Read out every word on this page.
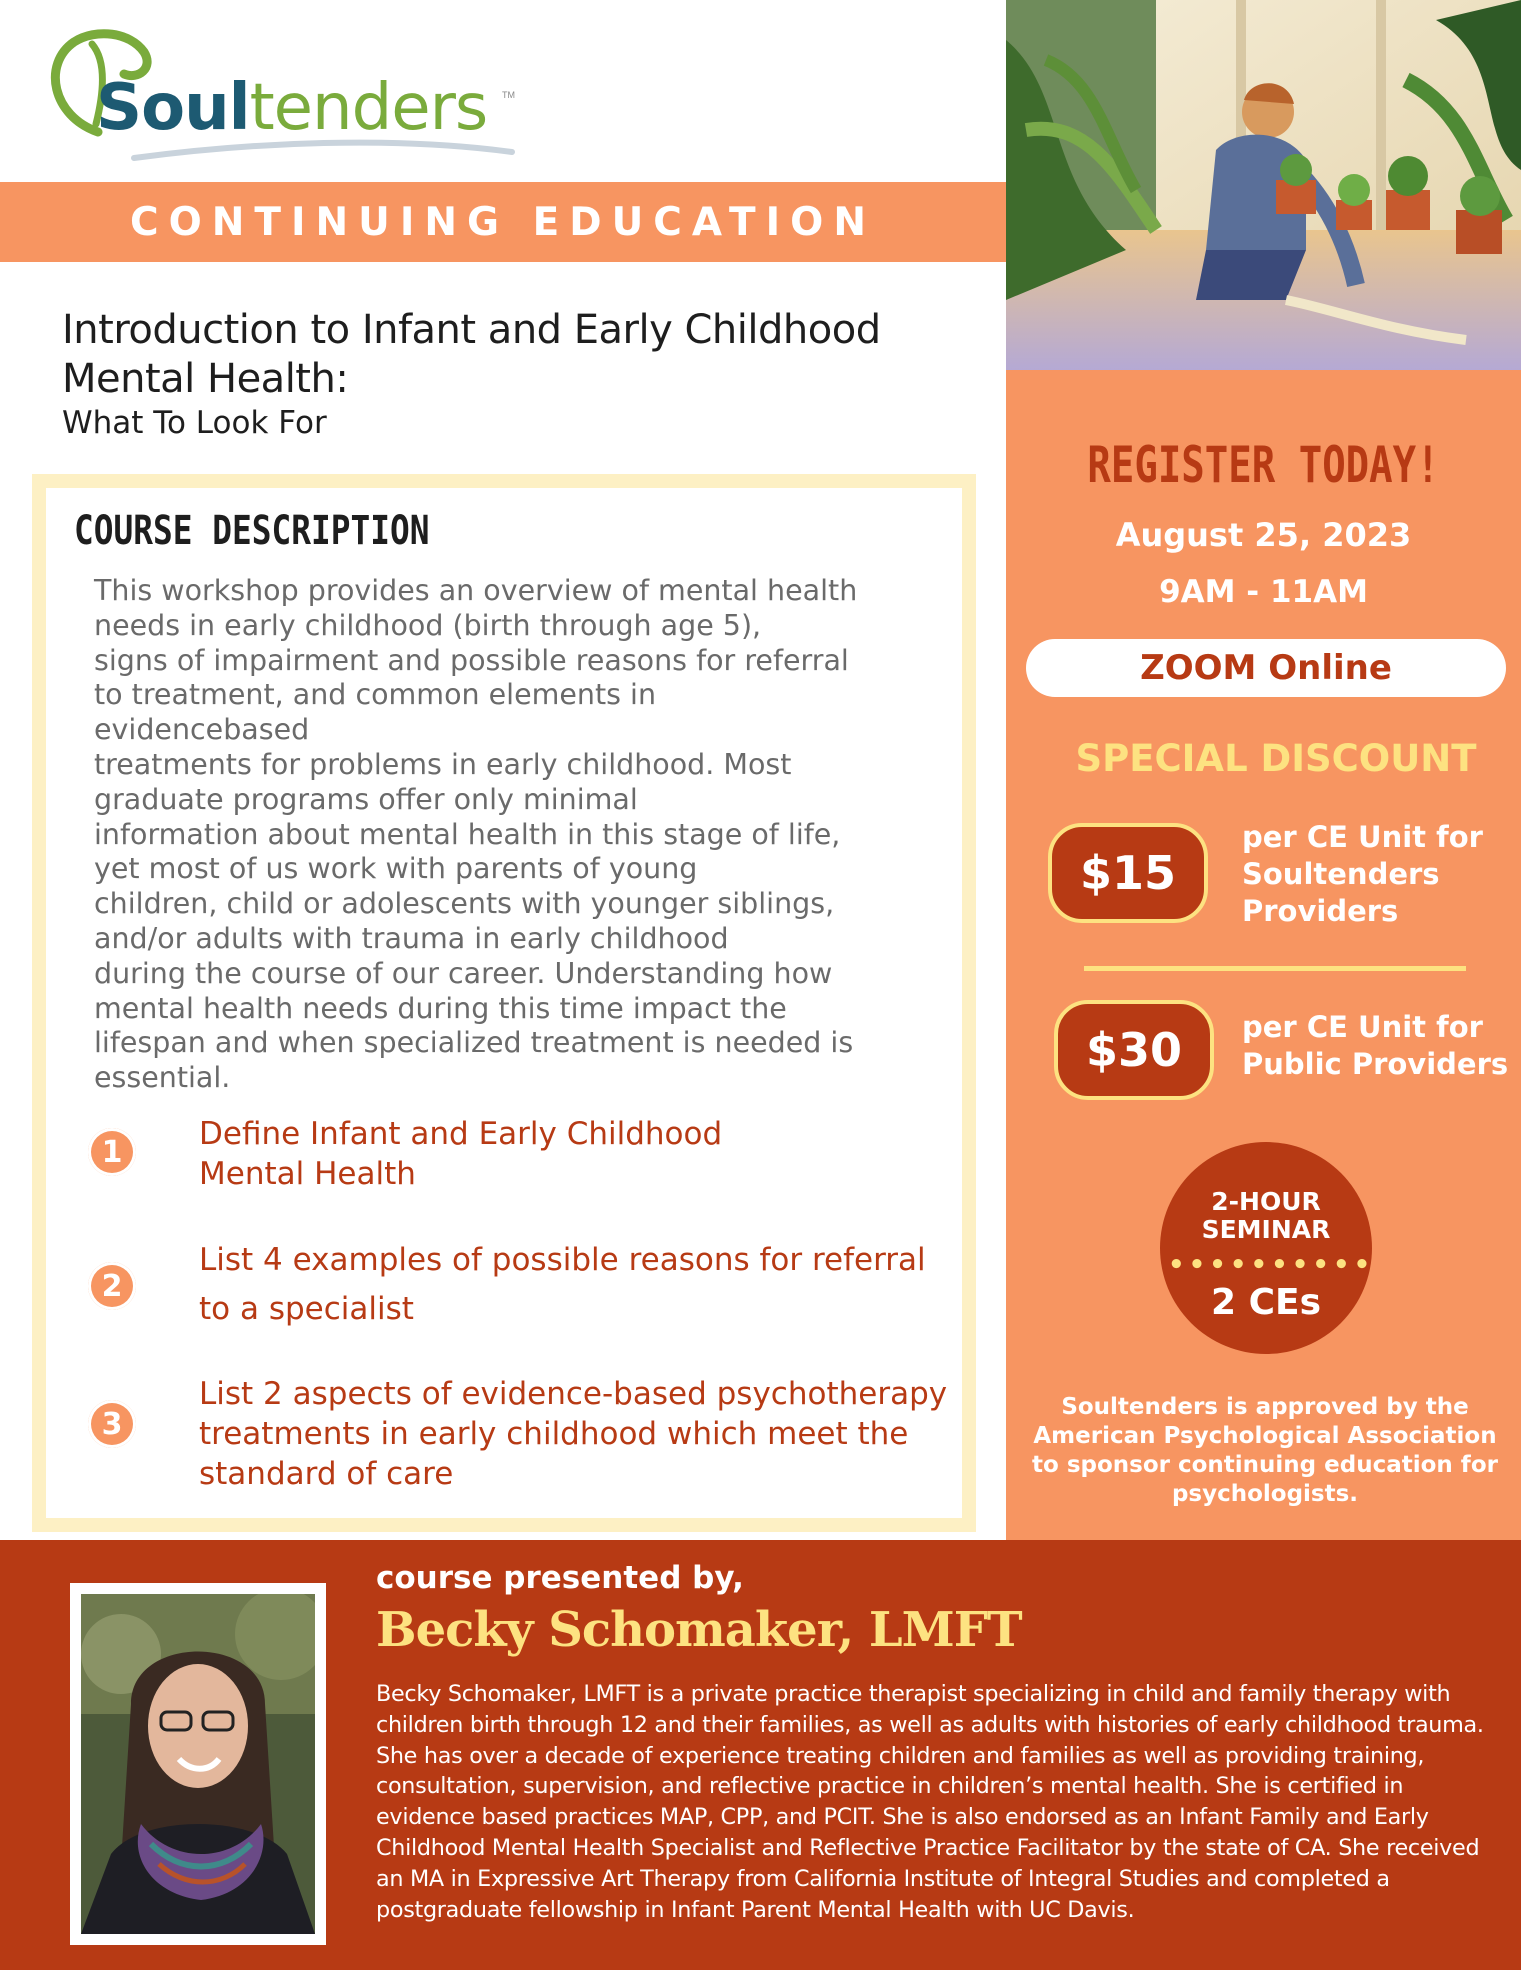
Soultenders TM
CONTINUING EDUCATION
Introduction to Infant and Early Childhood Mental Health:
What To Look For
COURSE DESCRIPTION
This workshop provides an overview of mental health
needs in early childhood (birth through age 5),
signs of impairment and possible reasons for referral
to treatment, and common elements in
evidencebased
treatments for problems in early childhood. Most
graduate programs offer only minimal
information about mental health in this stage of life,
yet most of us work with parents of young
children, child or adolescents with younger siblings,
and/or adults with trauma in early childhood
during the course of our career. Understanding how
mental health needs during this time impact the
lifespan and when specialized treatment is needed is
essential.
1	Define Infant and Early Childhood
Mental Health
2
List 4 examples of possible reasons for referral
to a specialist
3
List 2 aspects of evidence-based psychotherapy
treatments in early childhood which meet the
standard of care
REGISTER TODAY!
August 25, 2023
9AM - 11AM
ZOOM Online
SPECIAL DISCOUNT
$15
per CE Unit for
Soultenders
Providers
$30	per CE Unit for
Public Providers
2-HOUR
SEMINAR
••••••••••
2 CEs
Soultenders is approved by the American Psychological Association to sponsor continuing education for psychologists.
course presented by,
Becky Schomaker, LMFT
Becky Schomaker, LMFT is a private practice therapist specializing in child and family therapy with children birth through 12 and their families, as well as adults with histories of early childhood trauma. She has over a decade of experience treating children and families as well as providing training, consultation, supervision, and reflective practice in children’s mental health. She is certified in evidence based practices MAP, CPP, and PCIT. She is also endorsed as an Infant Family and Early Childhood Mental Health Specialist and Reflective Practice Facilitator by the state of CA. She received an MA in Expressive Art Therapy from California Institute of Integral Studies and completed a postgraduate fellowship in Infant Parent Mental Health with UC Davis.
